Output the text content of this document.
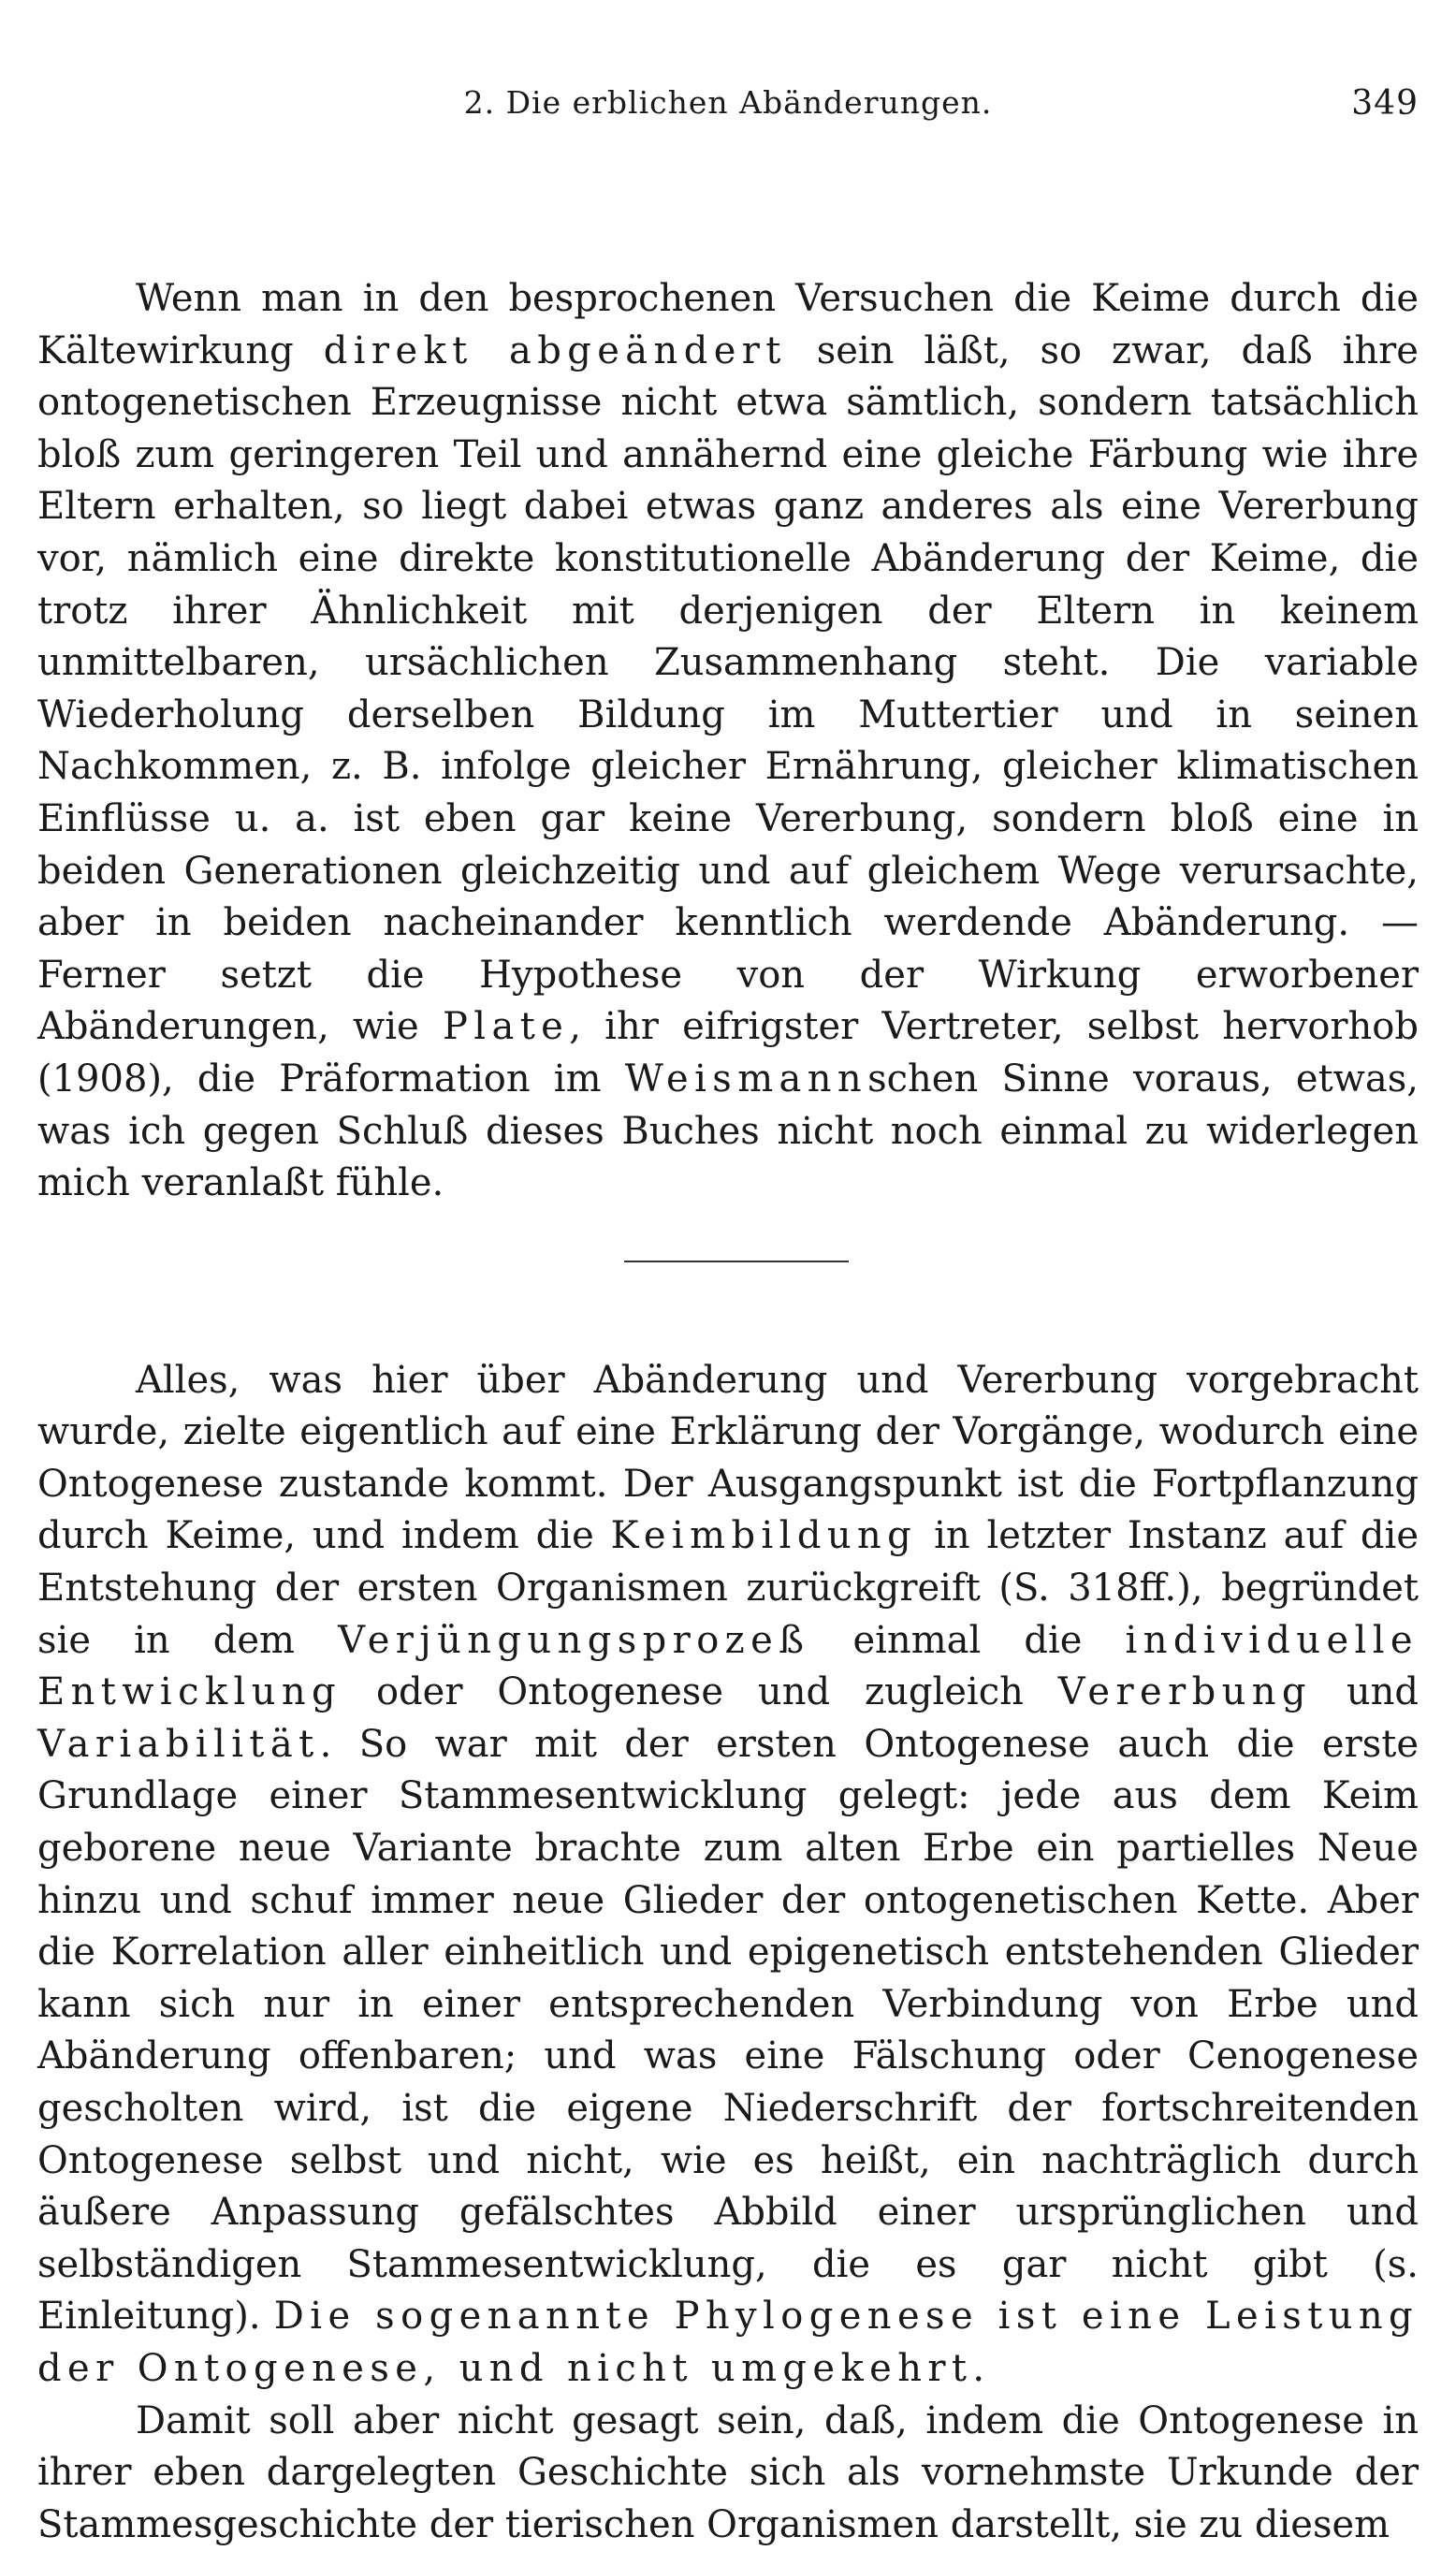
2. Die erblichen Abänderungen.	349

Wenn man in den besprochenen Versuchen die Keime durch die Kältewirkung direkt abgeändert sein läßt, so zwar, daß ihre ontogenetischen Erzeugnisse nicht etwa sämtlich, sondern tatsächlich bloß zum geringeren Teil und annähernd eine gleiche Färbung wie ihre Eltern erhalten, so liegt dabei etwas ganz anderes als eine Vererbung vor, nämlich eine direkte konstitutionelle Abänderung der Keime, die trotz ihrer Ähnlichkeit mit derjenigen der Eltern in keinem unmittelbaren, ursächlichen Zusammenhang steht. Die variable Wiederholung derselben Bildung im Muttertier und in seinen Nachkommen, z. B. infolge gleicher Ernährung, gleicher klimatischen Einflüsse u. a. ist eben gar keine Vererbung, sondern bloß eine in beiden Generationen gleichzeitig und auf gleichem Wege verursachte, aber in beiden nacheinander kenntlich werdende Abänderung. — Ferner setzt die Hypothese von der Wirkung erworbener Abänderungen, wie Plate, ihr eifrigster Vertreter, selbst hervorhob (1908), die Präformation im Weismannschen Sinne voraus, etwas, was ich gegen Schluß dieses Buches nicht noch einmal zu widerlegen mich veranlaßt fühle.

Alles, was hier über Abänderung und Vererbung vorgebracht wurde, zielte eigentlich auf eine Erklärung der Vorgänge, wodurch eine Ontogenese zustande kommt. Der Ausgangspunkt ist die Fortpflanzung durch Keime, und indem die Keimbildung in letzter Instanz auf die Entstehung der ersten Organismen zurückgreift (S. 318ff.), begründet sie in dem Verjüngungsprozeß einmal die individuelle Entwicklung oder Ontogenese und zugleich Vererbung und Variabilität. So war mit der ersten Ontogenese auch die erste Grundlage einer Stammesentwicklung gelegt: jede aus dem Keim geborene neue Variante brachte zum alten Erbe ein partielles Neue hinzu und schuf immer neue Glieder der ontogenetischen Kette. Aber die Korrelation aller einheitlich und epigenetisch entstehenden Glieder kann sich nur in einer entsprechenden Verbindung von Erbe und Abänderung offenbaren; und was eine Fälschung oder Cenogenese gescholten wird, ist die eigene Niederschrift der fortschreitenden Ontogenese selbst und nicht, wie es heißt, ein nachträglich durch äußere Anpassung gefälschtes Abbild einer ursprünglichen und selbständigen Stammesentwicklung, die es gar nicht gibt (s. Einleitung). Die sogenannte Phylogenese ist eine Leistung der Ontogenese, und nicht umgekehrt.

Damit soll aber nicht gesagt sein, daß, indem die Ontogenese in ihrer eben dargelegten Geschichte sich als vornehmste Urkunde der Stammesgeschichte der tierischen Organismen darstellt, sie zu diesem
